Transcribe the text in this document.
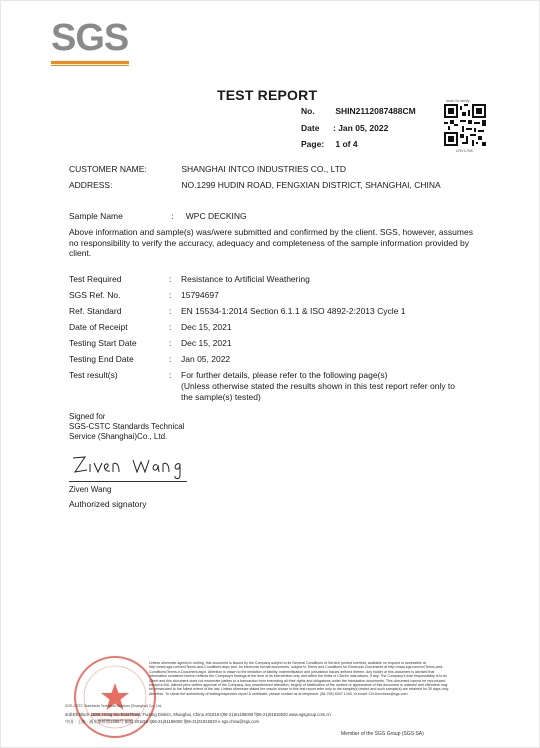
SGS
TEST REPORT
No. SHIN2112087488CM
Date : Jan 05, 2022
Page: 1 of 4
scan to verify
LRV1708
CUSTOMER NAME:	SHANGHAI INTCO INDUSTRIES CO., LTD
ADDRESS:	NO.1299 HUDIN ROAD, FENGXIAN DISTRICT, SHANGHAI, CHINA
Sample Name	: WPC DECKING
Above information and sample(s) was/were submitted and confirmed by the client. SGS, however, assumes no responsibility to verify the accuracy, adequacy and completeness of the sample information provided by client.
Test Required	: Resistance to Artificial Weathering
SGS Ref. No.	: 15794697
Ref. Standard	: EN 15534-1:2014 Section 6.1.1 & ISO 4892-2:2013 Cycle 1
Date of Receipt	: Dec 15, 2021
Testing Start Date	: Dec 15, 2021
Testing End Date	: Jan 05, 2022
Test result(s)	: For further details, please refer to the following page(s)
(Unless otherwise stated the results shown in this test report refer only to
the sample(s) tested)
Signed for
SGS-CSTC Standards Technical
Service (Shanghai)Co., Ltd.
Ziven Wang
Authorized signatory
SGS-CSTC Standards Technical Services (Shanghai) Co., Ltd.
Unless otherwise agreed in writing, this document is issued by the Company subject to its General Conditions of Service printed overleaf, available on request or accessible at http://www.sgs.com/en/Terms-and-Conditions.aspx and, for electronic format documents, subject to Terms and Conditions for Electronic Documents at http://www.sgs.com/en/Terms-and-Conditions/Terms-e-Document.aspx. Attention is drawn to the limitation of liability, indemnification and jurisdiction issues defined therein. Any holder of this document is advised that information contained hereon reflects the Company's findings at the time of its intervention only and within the limits of Client's instructions, if any. The Company's sole responsibility is to its Client and this document does not exonerate parties to a transaction from exercising all their rights and obligations under the transaction documents. This document cannot be reproduced except in full, without prior written approval of the Company. Any unauthorized alteration, forgery or falsification of the content or appearance of this document is unlawful and offenders may be prosecuted to the fullest extent of the law. Unless otherwise stated the results shown in this test report refer only to the sample(s) tested and such sample(s) are retained for 30 days only. Attention: To check the authenticity of testing/inspection report & certificate, please contact us at telephone: (86-755) 8307 1443, or email: CN.Doccheck@sgs.com
3rd/4th Block 1598, Hong Xiu East Road, Fudong District, Shanghai, China 201819 t(86-21)61196000 f(86-21)61915020 www.sgsgroup.com.cn
中国 · 上海 · 浦东康桥路1598号 邮编 201819 t(86-21)61196000 f(86-21)61915020 e sgs.china@sgs.com
Member of the SGS Group (SGS SA)
